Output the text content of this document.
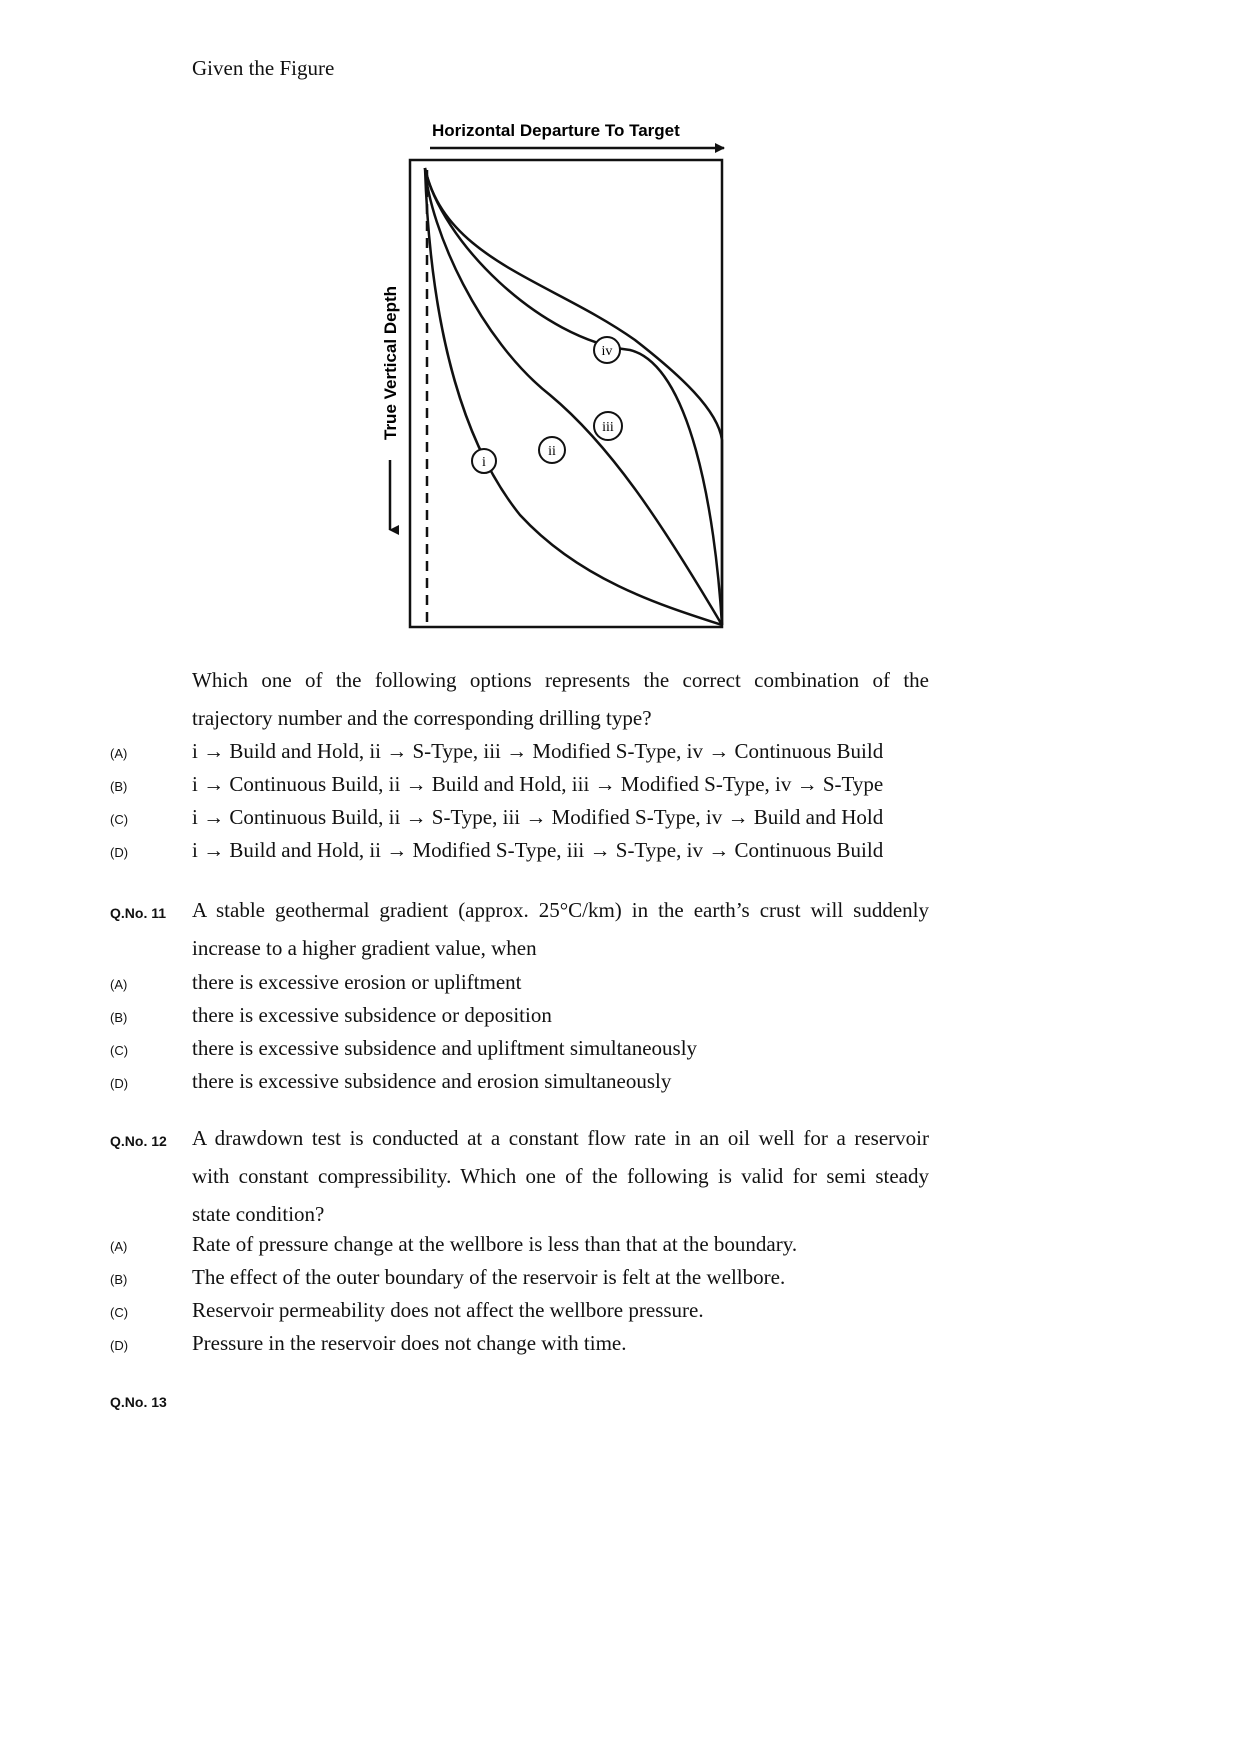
Given the Figure
Horizontal Departure To Target
True Vertical Depth
i
ii
iii
iv
Which one of the following options represents the correct combination of the
trajectory number and the corresponding drilling type?
(A)	i → Build and Hold, ii → S-Type, iii → Modified S-Type, iv → Continuous Build
(B)	i → Continuous Build, ii → Build and Hold, iii → Modified S-Type, iv → S-Type
(C)	i → Continuous Build, ii → S-Type, iii → Modified S-Type, iv → Build and Hold
(D)	i → Build and Hold, ii → Modified S-Type, iii → S-Type, iv → Continuous Build
Q.No. 11 A stable geothermal gradient (approx. 25°C/km) in the earth’s crust will suddenly
increase to a higher gradient value, when
(A)	there is excessive erosion or upliftment
(B)	there is excessive subsidence or deposition
(C)	there is excessive subsidence and upliftment simultaneously
(D)	there is excessive subsidence and erosion simultaneously
Q.No. 12 A drawdown test is conducted at a constant flow rate in an oil well for a reservoir
with constant compressibility. Which one of the following is valid for semi steady
state condition?
(A)	Rate of pressure change at the wellbore is less than that at the boundary.
(B)	The effect of the outer boundary of the reservoir is felt at the wellbore.
(C)	Reservoir permeability does not affect the wellbore pressure.
(D)	Pressure in the reservoir does not change with time.
Q.No. 13
